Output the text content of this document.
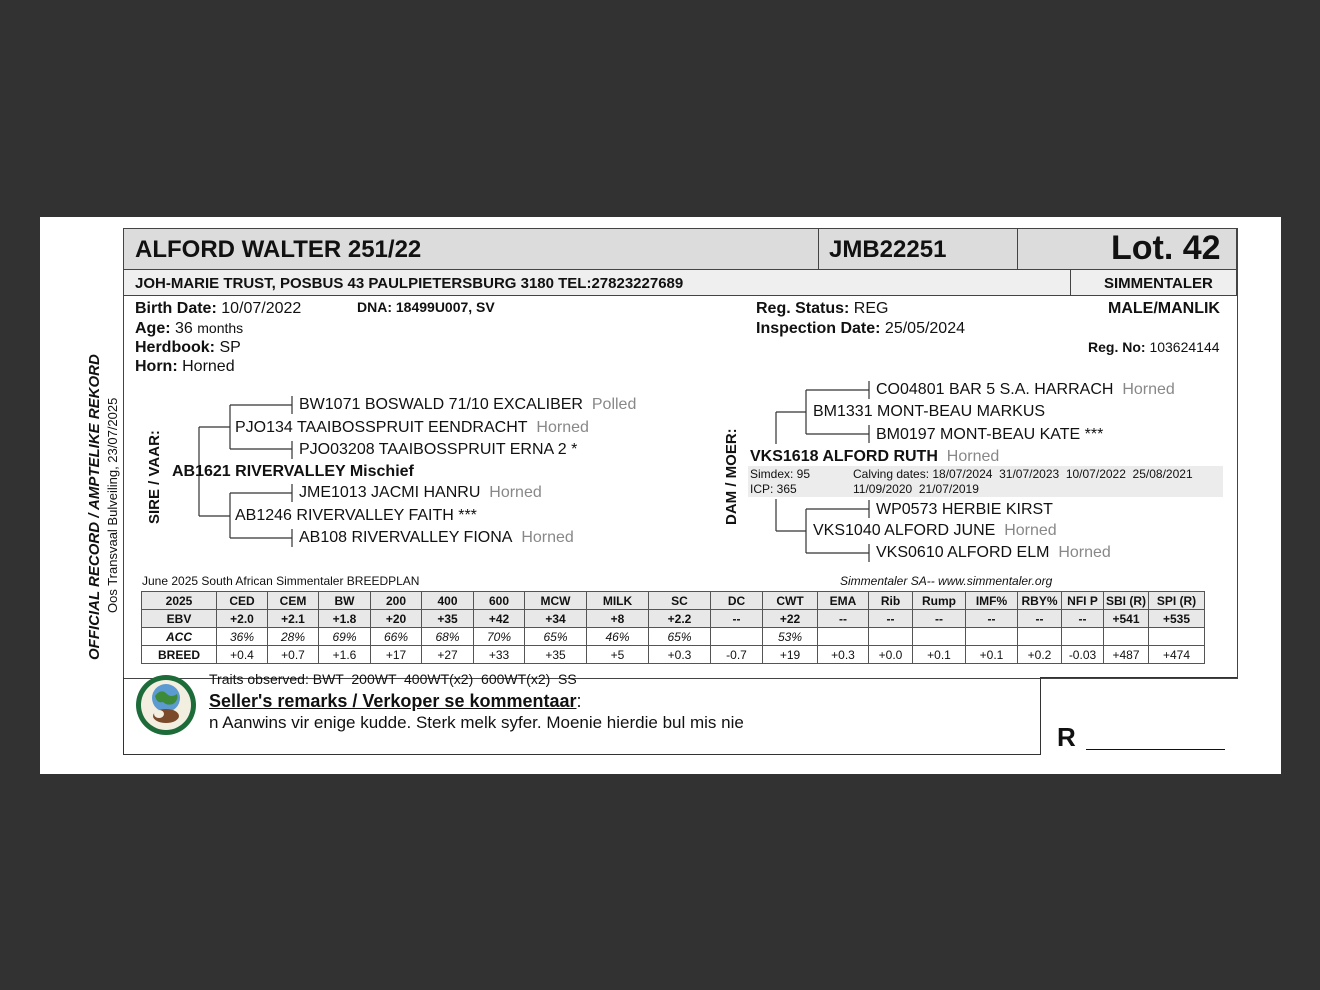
ALFORD WALTER 251/22	JMB22251	Lot. 42
JOH-MARIE TRUST, POSBUS 43 PAULPIETERSBURG 3180 TEL:27823227689	SIMMENTALER
Birth Date: 10/07/2022	DNA: 18499U007, SV
Age: 36 months
Herdbook: SP
Horn: Horned
Reg. Status: REG
Inspection Date: 25/05/2024
MALE/MANLIK
Reg. No: 103624144
OFFICIAL RECORD / AMPTELIKE REKORD Oos Transvaal Bulveiling, 23/07/2025 SIRE / VAAR:	DAM / MOER:
BW1071 BOSWALD 71/10 EXCALIBER Polled
PJO134 TAAIBOSSPRUIT EENDRACHT Horned
PJO03208 TAAIBOSSPRUIT ERNA 2 *
AB1621 RIVERVALLEY Mischief
JME1013 JACMI HANRU Horned
AB1246 RIVERVALLEY FAITH ***
AB108 RIVERVALLEY FIONA Horned
CO04801 BAR 5 S.A. HARRACH Horned
BM1331 MONT-BEAU MARKUS
BM0197 MONT-BEAU KATE ***
VKS1618 ALFORD RUTH Horned
Simdex: 95
ICP: 365
Calving dates: 18/07/2024  31/07/2023  10/07/2022  25/08/2021
11/09/2020  21/07/2019
WP0573 HERBIE KIRST
VKS1040 ALFORD JUNE Horned
VKS0610 ALFORD ELM Horned
June 2025 South African Simmentaler BREEDPLAN	Simmentaler SA-- www.simmentaler.org
2025	CED	CEM	BW	200	400	600	MCW	MILK	SC	DC	CWT	EMA	Rib	Rump	IMF%	RBY%	NFI P	SBI (R)	SPI (R)
EBV	+2.0	+2.1	+1.8	+20	+35	+42	+34	+8	+2.2	--	+22	--	--	--	--	--	--	+541	+535
ACC	36%	28%	69%	66%	68%	70%	65%	46%	65%		53%								
BREED	+0.4	+0.7	+1.6	+17	+27	+33	+35	+5	+0.3	-0.7	+19	+0.3	+0.0	+0.1	+0.1	+0.2	-0.03	+487	+474
Traits observed: BWT  200WT  400WT(x2)  600WT(x2)  SS
Seller's remarks / Verkoper se kommentaar:
n Aanwins vir enige kudde. Sterk melk syfer. Moenie hierdie bul mis nie	R
